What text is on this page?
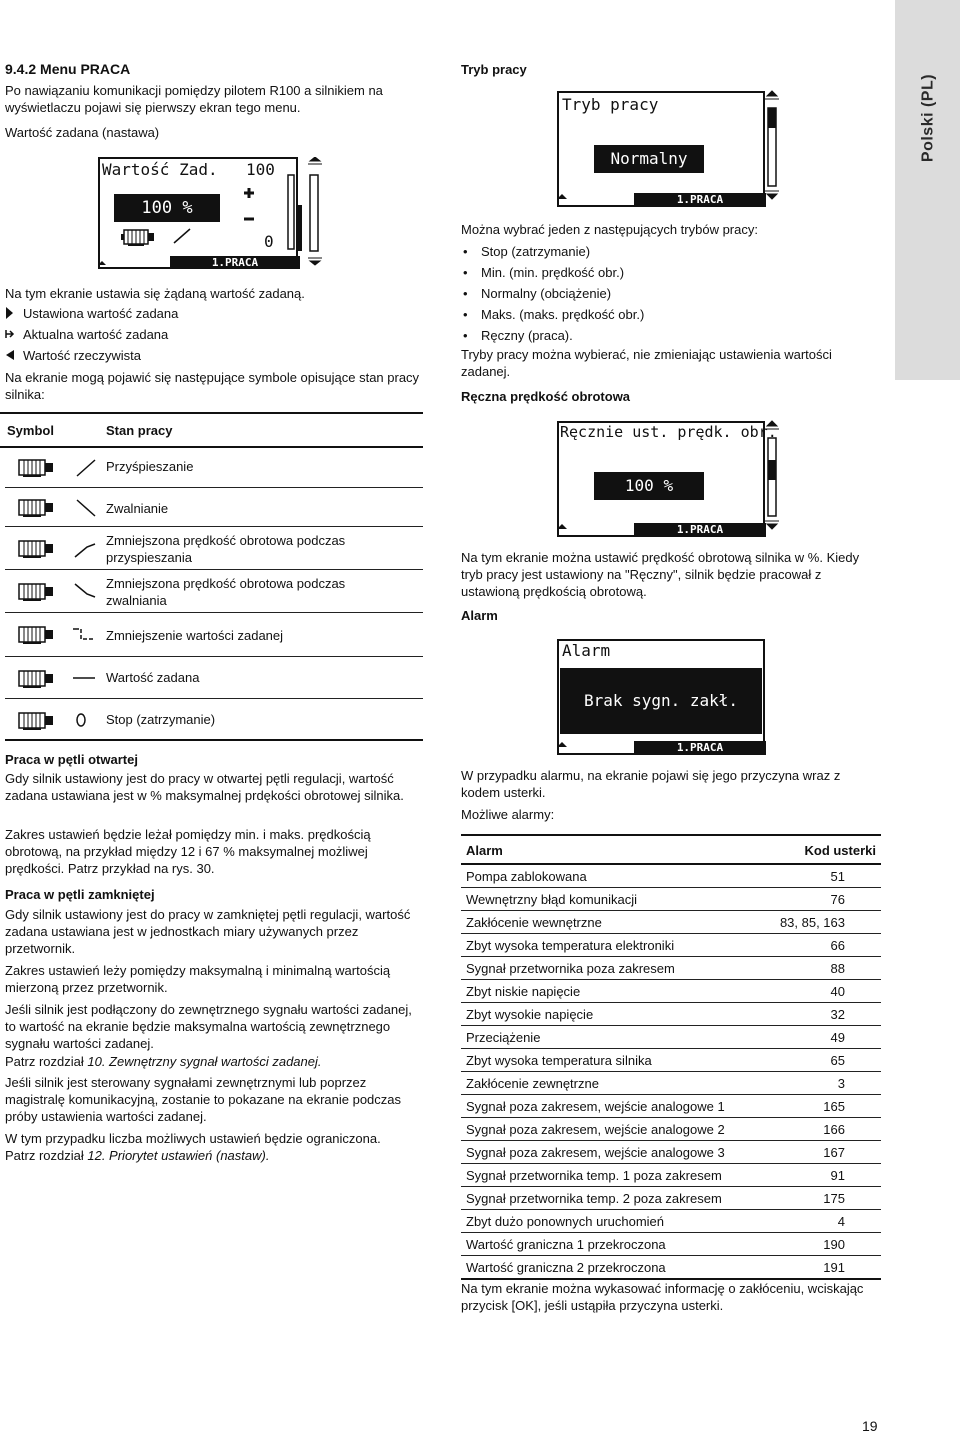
Polski (PL)
9.4.2 Menu PRACA

Po nawiązaniu komunikacji pomiędzy pilotem R100 a silnikiem na wyświetlaczu pojawi się pierwszy ekran tego menu.

Wartość zadana (nastawa)
Wartość Zad. 100
100 %
0
1.PRACA

Na tym ekranie ustawia się żądaną wartość zadaną.

Ustawiona wartość zadana
Aktualna wartość zadana
Wartość rzeczywista

Na ekranie mogą pojawić się następujące symbole opisujące stan pracy silnika:

Symbol	Stan pracy
Przyśpieszanie
Zwalnianie
Zmniejszona prędkość obrotowa podczas przyspieszania
Zmniejszona prędkość obrotowa podczas zwalniania
Zmniejszenie wartości zadanej
Wartość zadana
Stop (zatrzymanie)
Praca w pętli otwartej

Gdy silnik ustawiony jest do pracy w otwartej pętli regulacji, wartość zadana ustawiana jest w % maksymalnej prdękości obrotowej silnika.

Zakres ustawień będzie leżał pomiędzy min. i maks. prędkością obrotową, na przykład między 12 i 67 % maksymalnej możliwej prędkości. Patrz przykład na rys. 30.

Praca w pętli zamkniętej

Gdy silnik ustawiony jest do pracy w zamkniętej pętli regulacji, wartość zadana ustawiana jest w jednostkach miary używanych przez przetwornik.

Zakres ustawień leży pomiędzy maksymalną i minimalną wartością mierzoną przez przetwornik.

Jeśli silnik jest podłączony do zewnętrznego sygnału wartości zadanej, to wartość na ekranie będzie maksymalna wartością zewnętrznego sygnału wartości zadanej.

Patrz rozdział 10. Zewnętrzny sygnał wartości zadanej.

Jeśli silnik jest sterowany sygnałami zewnętrznymi lub poprzez magistralę komunikacyjną, zostanie to pokazane na ekranie podczas próby ustawienia wartości zadanej.

W tym przypadku liczba możliwych ustawień będzie ograniczona.

Patrz rozdział 12. Priorytet ustawień (nastaw).

Tryb pracy
Tryb pracy
Normalny
1.PRACA

Można wybrać jeden z następujących trybów pracy:

• Stop (zatrzymanie)
• Min. (min. prędkość obr.)
• Normalny (obciążenie)
• Maks. (maks. prędkość obr.)
• Ręczny (praca).

Tryby pracy można wybierać, nie zmieniając ustawienia wartości zadanej.

Ręczna prędkość obrotowa
Ręcznie ust. prędk. obr.
100 %
1.PRACA

Na tym ekranie można ustawić prędkość obrotową silnika w %. Kiedy tryb pracy jest ustawiony na "Ręczny", silnik będzie pracował z ustawioną prędkością obrotową.

Alarm
Alarm
Brak sygn. zakł.
1.PRACA

W przypadku alarmu, na ekranie pojawi się jego przyczyna wraz z kodem usterki.

Możliwe alarmy:

Alarm	Kod usterki
Pompa zablokowana	51
Wewnętrzny błąd komunikacji	76
Zakłócenie wewnętrzne	83, 85, 163
Zbyt wysoka temperatura elektroniki	66
Sygnał przetwornika poza zakresem	88
Zbyt niskie napięcie	40
Zbyt wysokie napięcie	32
Przeciążenie	49
Zbyt wysoka temperatura silnika	65
Zakłócenie zewnętrzne	3
Sygnał poza zakresem, wejście analogowe 1	165
Sygnał poza zakresem, wejście analogowe 2	166
Sygnał poza zakresem, wejście analogowe 3	167
Sygnał przetwornika temp. 1 poza zakresem	91
Sygnał przetwornika temp. 2 poza zakresem	175
Zbyt dużo ponownych uruchomień	4
Wartość graniczna 1 przekroczona	190
Wartość graniczna 2 przekroczona	191

Na tym ekranie można wykasować informację o zakłóceniu, wciskając przycisk [OK], jeśli ustąpiła przyczyna usterki.

19
